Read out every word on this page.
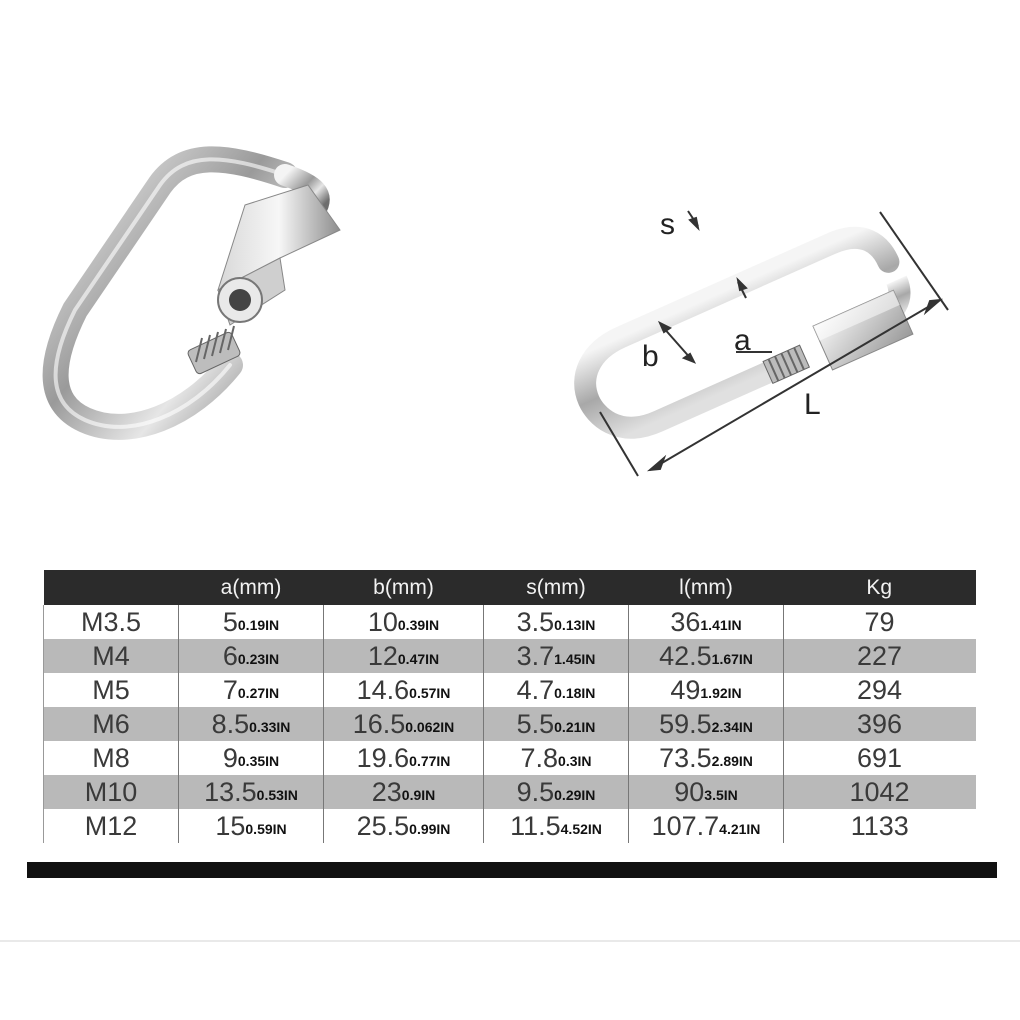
s
b	a
L
	a(mm)	b(mm)	s(mm)	l(mm)	Kg
M3.5	50.19IN	100.39IN	3.50.13IN	361.41IN	79
M4	60.23IN	120.47IN	3.71.45IN	42.51.67IN	227
M5	70.27IN	14.60.57IN	4.70.18IN	491.92IN	294
M6	8.50.33IN	16.50.062IN	5.50.21IN	59.52.34IN	396
M8	90.35IN	19.60.77IN	7.80.3IN	73.52.89IN	691
M10	13.50.53IN	230.9IN	9.50.29IN	903.5IN	1042
M12	150.59IN	25.50.99IN	11.54.52IN	107.74.21IN	1133
